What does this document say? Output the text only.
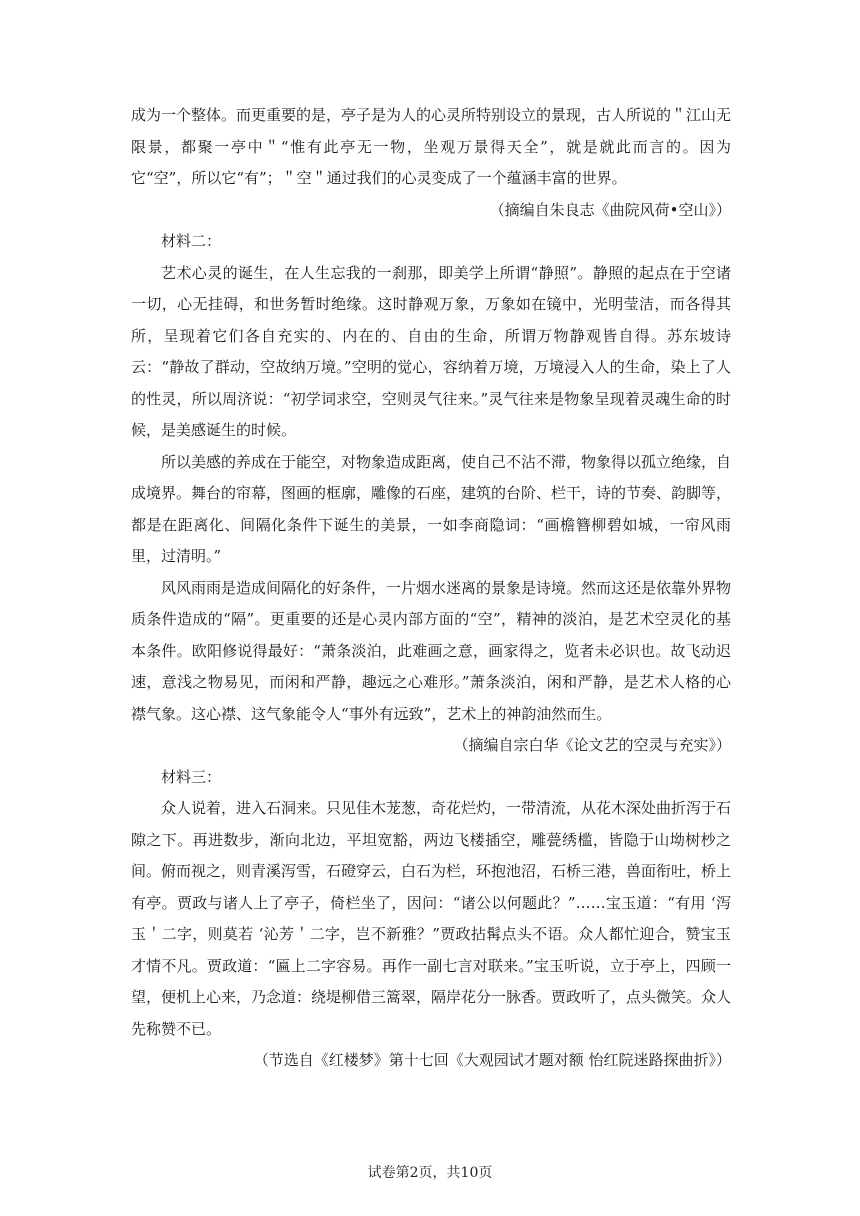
成为一个整体。而更重要的是，亭子是为人的心灵所特别设立的景现，古人所说的＂江山无限景，都聚一亭中＂“惟有此亭无一物，坐观万景得天全”，就是就此而言的。因为它“空”，所以它“有”；＂空＂通过我们的心灵变成了一个蕴涵丰富的世界。

（摘编自朱良志《曲院风荷•空山》）

材料二：

艺术心灵的诞生，在人生忘我的一刹那，即美学上所谓“静照”。静照的起点在于空诸一切，心无挂碍，和世务暂时绝缘。这时静观万象，万象如在镜中，光明莹洁，而各得其所，呈现着它们各自充实的、内在的、自由的生命，所谓万物静观皆自得。苏东坡诗云：“静故了群动，空故纳万境。”空明的觉心，容纳着万境，万境浸入人的生命，染上了人的性灵，所以周济说：“初学词求空，空则灵气往来。”灵气往来是物象呈现着灵魂生命的时候，是美感诞生的时候。

所以美感的养成在于能空，对物象造成距离，使自己不沾不滞，物象得以孤立绝缘，自成境界。舞台的帘幕，图画的框廓，雕像的石座，建筑的台阶、栏干，诗的节奏、韵脚等，都是在距离化、间隔化条件下诞生的美景，一如李商隐词：“画檐簪柳碧如城，一帘风雨里，过清明。”

风风雨雨是造成间隔化的好条件，一片烟水迷离的景象是诗境。然而这还是依靠外界物质条件造成的“隔”。更重要的还是心灵内部方面的“空”，精神的淡泊，是艺术空灵化的基本条件。欧阳修说得最好：“萧条淡泊，此难画之意，画家得之，览者未必识也。故飞动迟速，意浅之物易见，而闲和严静，趣远之心难形。”萧条淡泊，闲和严静，是艺术人格的心襟气象。这心襟、这气象能令人“事外有远致”，艺术上的神韵油然而生。

（摘编自宗白华《论文艺的空灵与充实》）

材料三：

众人说着，进入石洞来。只见佳木茏葱，奇花烂灼，一带清流，从花木深处曲折泻于石隙之下。再进数步，渐向北边，平坦宽豁，两边飞楼插空，雕甍绣槛，皆隐于山坳树杪之间。俯而视之，则青溪泻雪，石磴穿云，白石为栏，环抱池沼，石桥三港，兽面衔吐，桥上有亭。贾政与诸人上了亭子，倚栏坐了，因问：“诸公以何题此？”……宝玉道：“有用 ‘泻玉＇二字，则莫若 ‘沁芳＇二字，岂不新雅？”贾政拈髯点头不语。众人都忙迎合，赞宝玉才情不凡。贾政道：“匾上二字容易。再作一副七言对联来。”宝玉听说，立于亭上，四顾一望，便机上心来，乃念道：绕堤柳借三篙翠，隔岸花分一脉香。贾政听了，点头微笑。众人先称赞不已。

（节选自《红楼梦》第十七回《大观园试才题对额 怡红院迷路探曲折》）

试卷第2页，共10页
